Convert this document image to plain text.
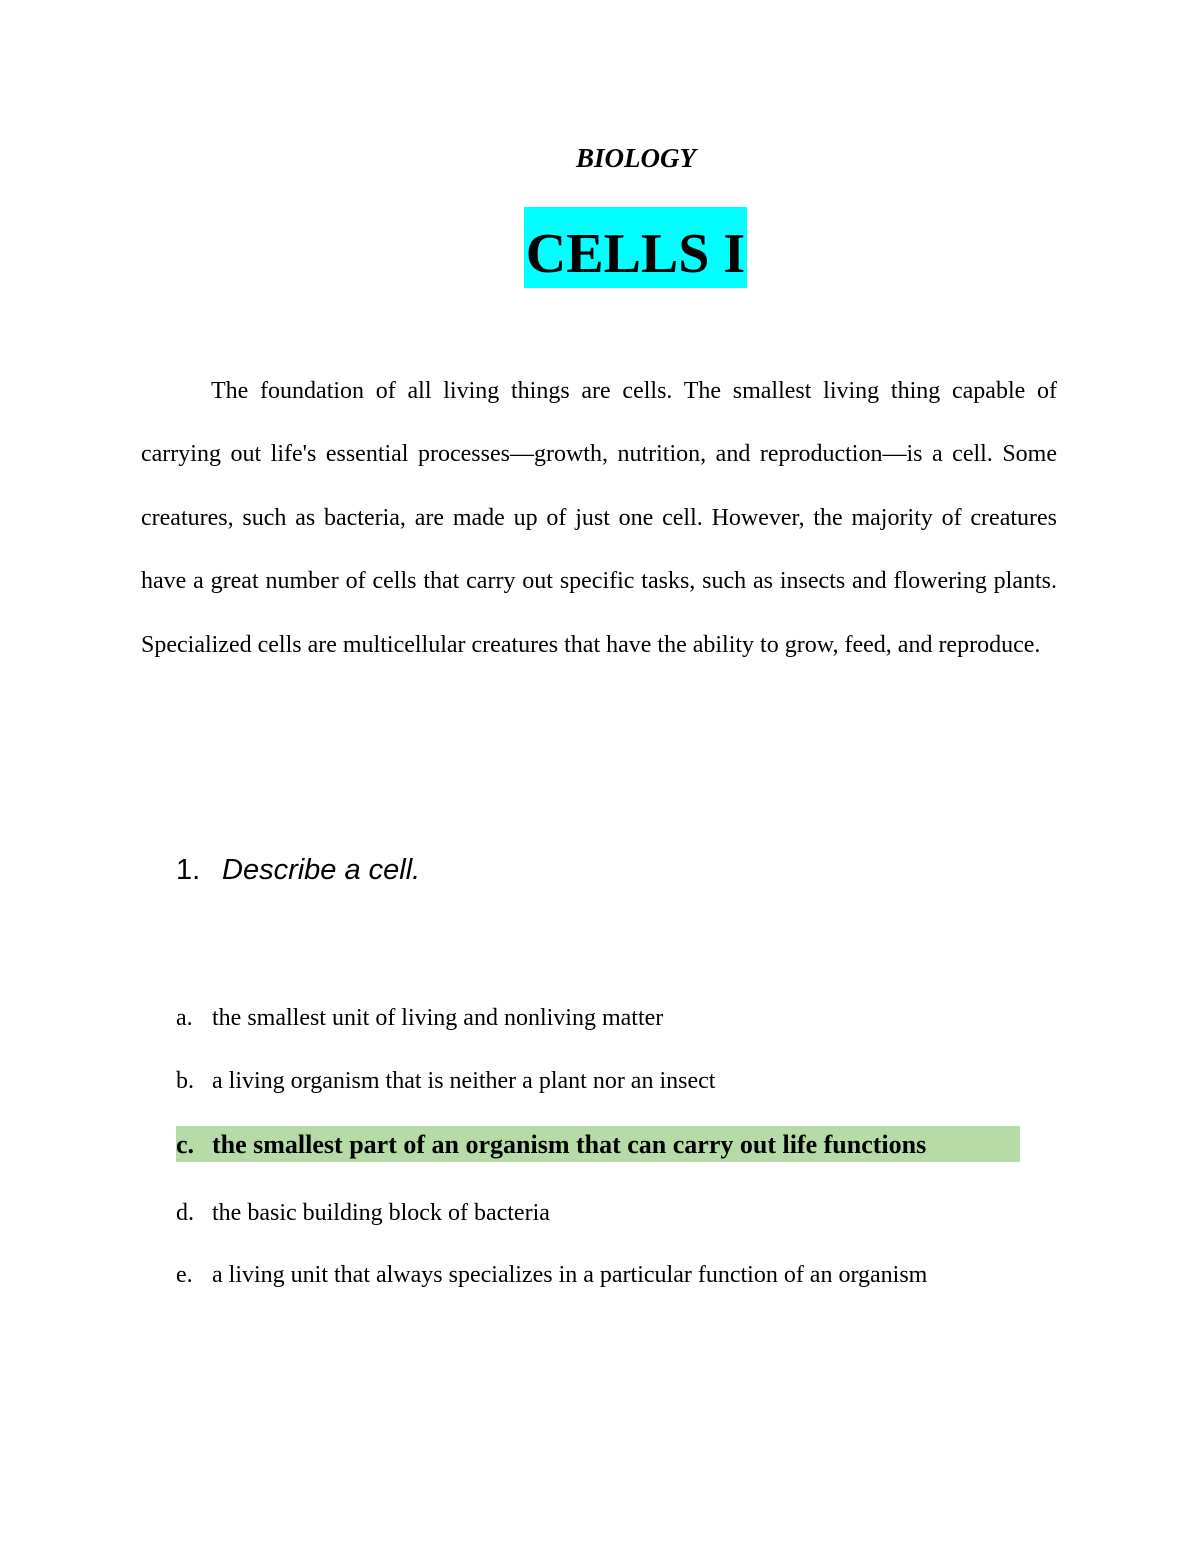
BIOLOGY
CELLS I

The foundation of all living things are cells. The smallest living thing capable of carrying out life's essential processes—growth, nutrition, and reproduction—is a cell. Some creatures, such as bacteria, are made up of just one cell. However, the majority of creatures have a great number of cells that carry out specific tasks, such as insects and flowering plants. Specialized cells are multicellular creatures that have the ability to grow, feed, and reproduce.

1. Describe a cell.
a. the smallest unit of living and nonliving matter
b. a living organism that is neither a plant nor an insect
c. the smallest part of an organism that can carry out life functions
d. the basic building block of bacteria
e. a living unit that always specializes in a particular function of an organism
